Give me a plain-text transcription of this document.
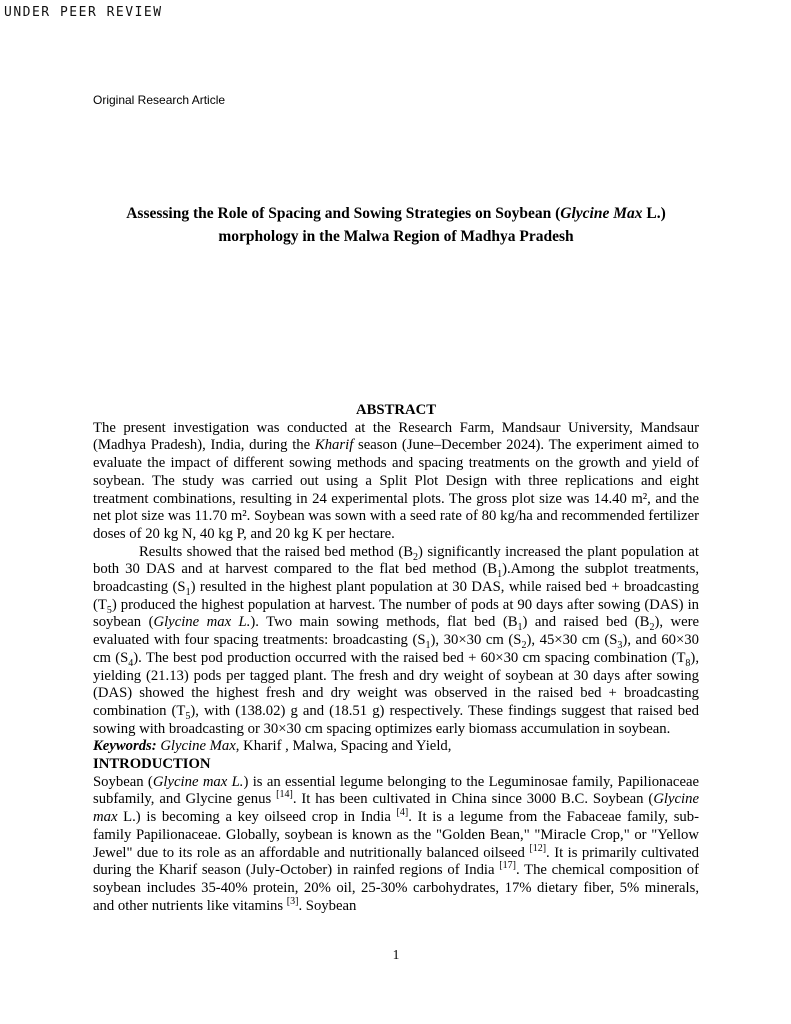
UNDER PEER REVIEW
Original Research Article
Assessing the Role of Spacing and Sowing Strategies on Soybean (Glycine Max L.)
morphology in the Malwa Region of Madhya Pradesh
ABSTRACT

The present investigation was conducted at the Research Farm, Mandsaur University, Mandsaur (Madhya Pradesh), India, during the Kharif season (June–December 2024). The experiment aimed to evaluate the impact of different sowing methods and spacing treatments on the growth and yield of soybean. The study was carried out using a Split Plot Design with three replications and eight treatment combinations, resulting in 24 experimental plots. The gross plot size was 14.40 m², and the net plot size was 11.70 m². Soybean was sown with a seed rate of 80 kg/ha and recommended fertilizer doses of 20 kg N, 40 kg P, and 20 kg K per hectare.

Results showed that the raised bed method $(B_2)$ significantly increased the plant population at both 30 DAS and at harvest compared to the flat bed method $(B_1).Among$ the subplot treatments, broadcasting $(S_1)$ resulted in the highest plant population at 30 DAS, while raised bed + broadcasting $(T_5)$ produced the highest population at harvest. The number of pods at 90 days after sowing (DAS) in soybean (Glycine max L.). Two main sowing methods, flat bed $(B_1)$ and raised bed $(B_2)$, were evaluated with four spacing treatments: broadcasting $(S_1)$, 30×30 cm $(S_2)$, 45×30 cm $(S_3)$, and 60×30 cm $(S_4)$. The best pod production occurred with the raised bed + 60×30 cm spacing combination $(T_8)$, yielding (21.13) pods per tagged plant. The fresh and dry weight of soybean at 30 days after sowing (DAS) showed the highest fresh and dry weight was observed in the raised bed + broadcasting combination $(T_5)$, with (138.02) g and (18.51 g) respectively. These findings suggest that raised bed sowing with broadcasting or 30×30 cm spacing optimizes early biomass accumulation in soybean.

Keywords: Glycine Max, Kharif , Malwa, Spacing and Yield,

INTRODUCTION

Soybean (Glycine max L.) is an essential legume belonging to the Leguminosae family, Papilionaceae subfamily, and Glycine genus [14]. It has been cultivated in China since 3000 B.C. Soybean (Glycine max L.) is becoming a key oilseed crop in India [4]. It is a legume from the Fabaceae family, sub-family Papilionaceae. Globally, soybean is known as the "Golden Bean," "Miracle Crop," or "Yellow Jewel" due to its role as an affordable and nutritionally balanced oilseed [12]. It is primarily cultivated during the Kharif season (July-October) in rainfed regions of India [17]. The chemical composition of soybean includes 35-40% protein, 20% oil, 25-30% carbohydrates, 17% dietary fiber, 5% minerals, and other nutrients like vitamins [3]. Soybean

1
